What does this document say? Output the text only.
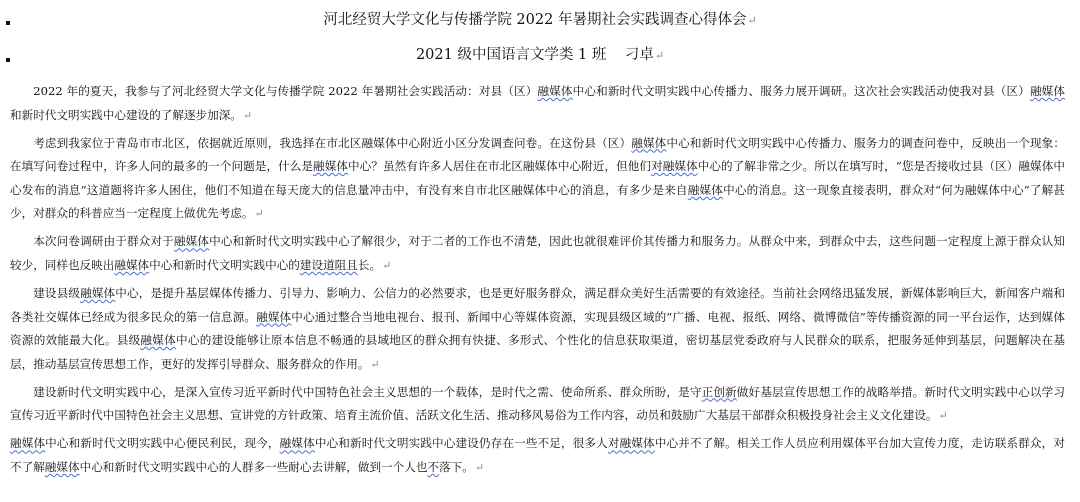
河北经贸大学文化与传播学院 2022 年暑期社会实践调查心得体会↵
2021 级中国语言文学类 1 班    刁卓↵

2022 年的夏天，我参与了河北经贸大学文化与传播学院 2022 年暑期社会实践活动：对县（区）融媒体中心和新时代文明实践中心传播力、服务力展开调研。这次社会实践活动使我对县（区）融媒体和新时代文明实践中心建设的了解逐步加深。↵

考虑到我家位于青岛市市北区，依据就近原则，我选择在市北区融媒体中心附近小区分发调查问卷。在这份县（区）融媒体中心和新时代文明实践中心传播力、服务力的调查问卷中，反映出一个现象：在填写问卷过程中，许多人问的最多的一个问题是，什么是融媒体中心？虽然有许多人居住在市北区融媒体中心附近，但他们对融媒体中心的了解非常之少。所以在填写时，“您是否接收过县（区）融媒体中心发布的消息”这道题将许多人困住，他们不知道在每天庞大的信息量冲击中，有没有来自市北区融媒体中心的消息，有多少是来自融媒体中心的消息。这一现象直接表明，群众对“何为融媒体中心”了解甚少，对群众的科普应当一定程度上做优先考虑。↵

本次问卷调研由于群众对于融媒体中心和新时代文明实践中心了解很少，对于二者的工作也不清楚，因此也就很难评价其传播力和服务力。从群众中来，到群众中去，这些问题一定程度上源于群众认知较少，同样也反映出融媒体中心和新时代文明实践中心的建设道阻且长。↵

建设县级融媒体中心，是提升基层媒体传播力、引导力、影响力、公信力的必然要求，也是更好服务群众，满足群众美好生活需要的有效途径。当前社会网络迅猛发展，新媒体影响巨大，新闻客户端和各类社交媒体已经成为很多民众的第一信息源。融媒体中心通过整合当地电视台、报刊、新闻中心等媒体资源，实现县级区域的“广播、电视、报纸、网络、微博微信”等传播资源的同一平台运作，达到媒体资源的效能最大化。县级融媒体中心的建设能够让原本信息不畅通的县域地区的群众拥有快捷、多形式、个性化的信息获取渠道，密切基层党委政府与人民群众的联系，把服务延伸到基层，问题解决在基层，推动基层宣传思想工作，更好的发挥引导群众、服务群众的作用。↵

建设新时代文明实践中心，是深入宣传习近平新时代中国特色社会主义思想的一个载体，是时代之需、使命所系、群众所盼，是守正创新做好基层宣传思想工作的战略举措。新时代文明实践中心以学习宣传习近平新时代中国特色社会主义思想、宣讲党的方针政策、培育主流价值、活跃文化生活、推动移风易俗为工作内容，动员和鼓励广大基层干部群众积极投身社会主义文化建设。↵

融媒体中心和新时代文明实践中心便民利民，现今，融媒体中心和新时代文明实践中心建设仍存在一些不足，很多人对融媒体中心并不了解。相关工作人员应利用媒体平台加大宣传力度，走访联系群众，对不了解融媒体中心和新时代文明实践中心的人群多一些耐心去讲解，做到一个人也不落下。↵
